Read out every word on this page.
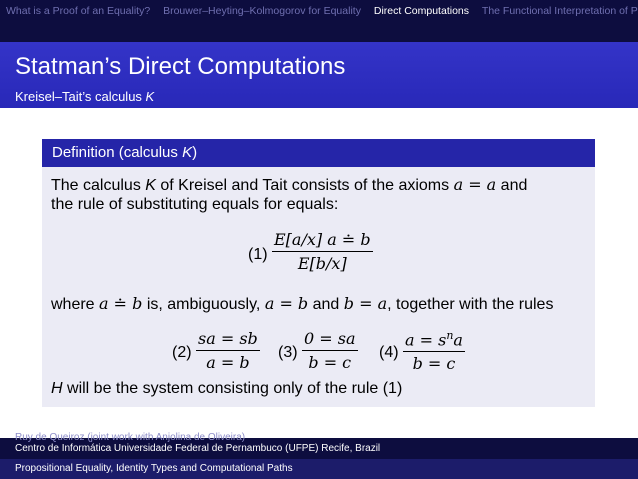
What is a Proof of an Equality? Brouwer–Heyting–Kolmogorov for Equality Direct Computations The Functional Interpretation of P
Statman’s Direct Computations
Kreisel–Tait’s calculus K
Definition (calculus K)
The calculus K of Kreisel and Tait consists of the axioms a = a and
the rule of substituting equals for equals:
$(1) \frac{E[a/x] a ≐ b}{E[b/x]}$
where a ≐ b is, ambiguously, a = b and b = a, together with the rules
$(2) \frac{sa = sb}{a = b} (3) \frac{0 = sa}{b = c} (4)$
$a = s^na$
b = c
H will be the system consisting only of the rule (1)
Ruy de Queiroz (joint work with Anjolina de Oliveira)
Centro de Informática Universidade Federal de Pernambuco (UFPE) Recife, Brazil
Propositional Equality, Identity Types and Computational Paths
